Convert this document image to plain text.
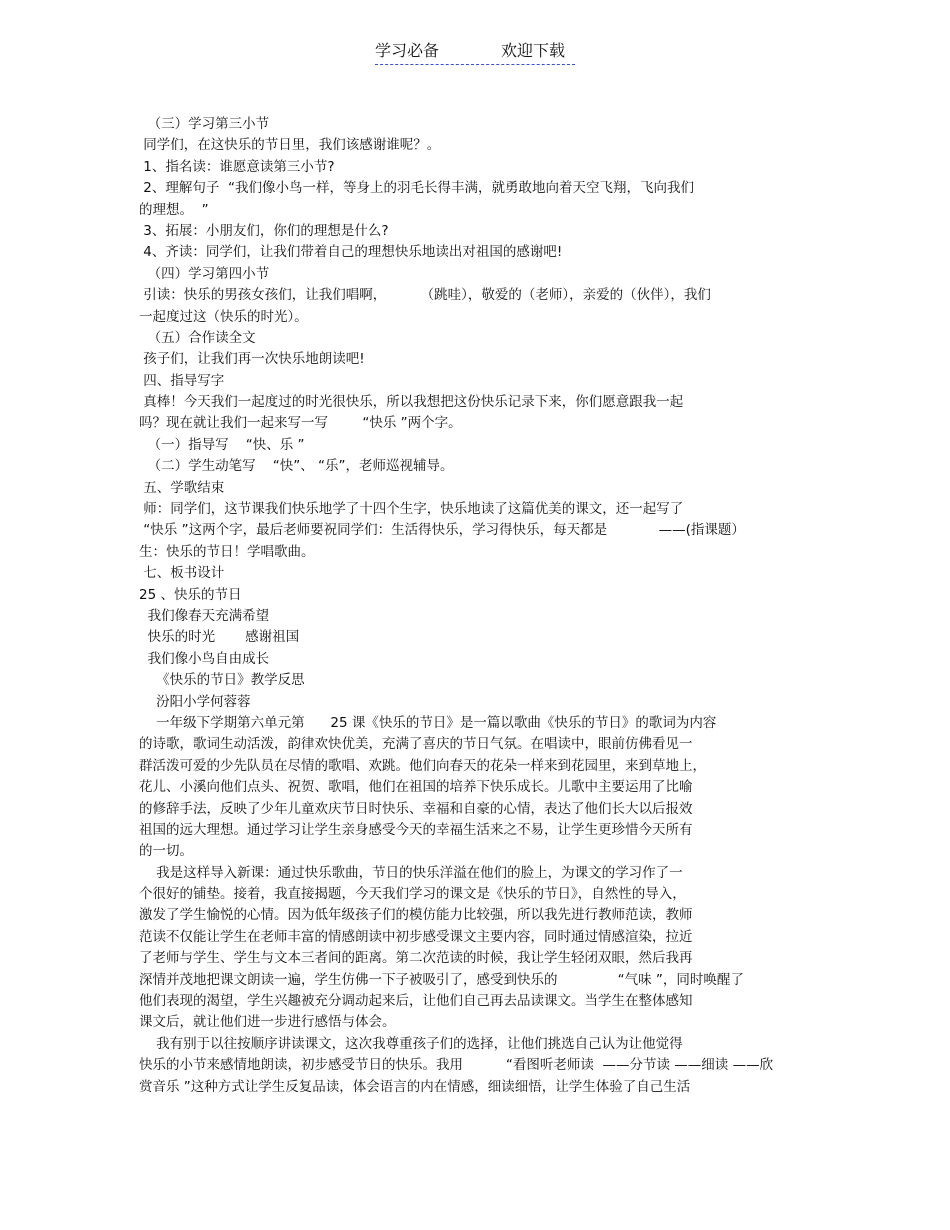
学习必备	欢迎下载
（三）学习第三小节
同学们，在这快乐的节日里，我们该感谢谁呢？。
1、指名读：谁愿意读第三小节?
2、理解句子  “我们像小鸟一样，等身上的羽毛长得丰满，就勇敢地向着天空飞翔，飞向我们
的理想。  ”
3、拓展：小朋友们，你们的理想是什么?
4、齐读：同学们，让我们带着自己的理想快乐地读出对祖国的感谢吧!
（四）学习第四小节
引读：快乐的男孩女孩们，让我们唱啊，        （跳哇），敬爱的（老师），亲爱的（伙伴），我们
一起度过这（快乐的时光）。
（五）合作读全文
孩子们，让我们再一次快乐地朗读吧!
四、指导写字
真棒！今天我们一起度过的时光很快乐，所以我想把这份快乐记录下来，你们愿意跟我一起
吗？现在就让我们一起来写一写        “快乐 ”两个字。
（一）指导写    “快、乐 ”
（二）学生动笔写    “快”、 “乐”，老师巡视辅导。
五、学歌结束
师：同学们，这节课我们快乐地学了十四个生字，快乐地读了这篇优美的课文，还一起写了
“快乐 ”这两个字，最后老师要祝同学们：生活得快乐，学习得快乐，每天都是            ——(指课题）
生：快乐的节日！学唱歌曲。
七、板书设计
25 、快乐的节日
我们像春天充满希望
快乐的时光       感谢祖国
我们像小鸟自由成长
《快乐的节日》教学反思
汾阳小学何蓉蓉
一年级下学期第六单元第      25 课《快乐的节日》是一篇以歌曲《快乐的节日》的歌词为内容
的诗歌，歌词生动活泼，韵律欢快优美，充满了喜庆的节日气氛。在唱读中，眼前仿佛看见一
群活泼可爱的少先队员在尽情的歌唱、欢跳。他们向春天的花朵一样来到花园里，来到草地上，
花儿、小溪向他们点头、祝贺、歌唱，他们在祖国的培养下快乐成长。儿歌中主要运用了比喻
的修辞手法，反映了少年儿童欢庆节日时快乐、幸福和自豪的心情，表达了他们长大以后报效
祖国的远大理想。通过学习让学生亲身感受今天的幸福生活来之不易，让学生更珍惜今天所有
的一切。
我是这样导入新课：通过快乐歌曲，节日的快乐洋溢在他们的脸上，为课文的学习作了一
个很好的铺垫。接着，我直接揭题，今天我们学习的课文是《快乐的节日》，自然性的导入，
激发了学生愉悦的心情。因为低年级孩子们的模仿能力比较强，所以我先进行教师范读，教师
范读不仅能让学生在老师丰富的情感朗读中初步感受课文主要内容，同时通过情感渲染，拉近
了老师与学生、学生与文本三者间的距离。第二次范读的时候，我让学生轻闭双眼，然后我再
深情并茂地把课文朗读一遍，学生仿佛一下子被吸引了，感受到快乐的              “气味 ”，同时唤醒了
他们表现的渴望，学生兴趣被充分调动起来后，让他们自己再去品读课文。当学生在整体感知
课文后，就让他们进一步进行感悟与体会。
我有别于以往按顺序讲读课文，这次我尊重孩子们的选择，让他们挑选自己认为让他觉得
快乐的小节来感情地朗读，初步感受节日的快乐。我用          “看图听老师读  ——分节读 ——细读 ——欣
赏音乐 ”这种方式让学生反复品读，体会语言的内在情感，细读细悟，让学生体验了自己生活
